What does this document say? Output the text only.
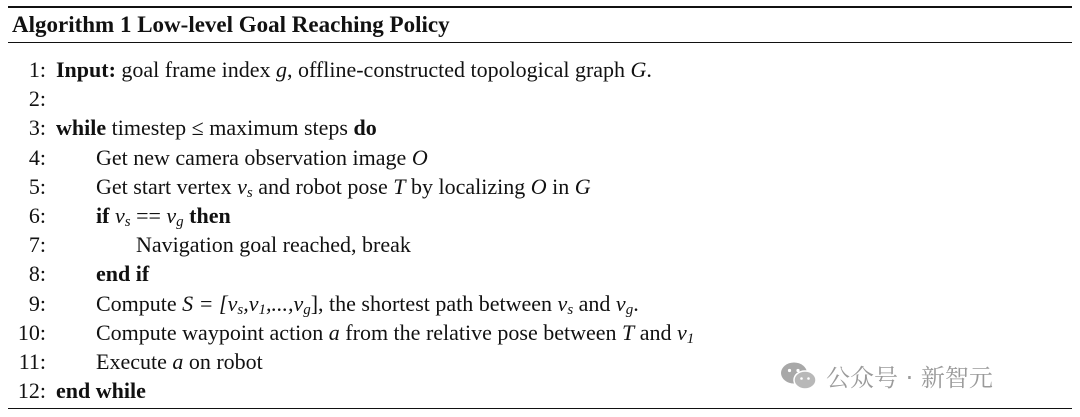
Algorithm 1 Low-level Goal Reaching Policy
1: Input: goal frame index g, offline-constructed topological graph G.
2:
3: while timestep ≤ maximum steps do
4: Get new camera observation image O
5: Get start vertex $v_s$ and robot pose T by localizing O in G
6: if $v_s == v_g$ then
7:	Navigation goal reached, break
8: end if
9: Compute $S = [v_s,v_1,...,v_g]$, the shortest path between $v_s$ and $v_g$.
10: Compute waypoint action a from the relative pose between T and $v_1$
11: Execute a on robot
12: end while	公众号 · 新智元
